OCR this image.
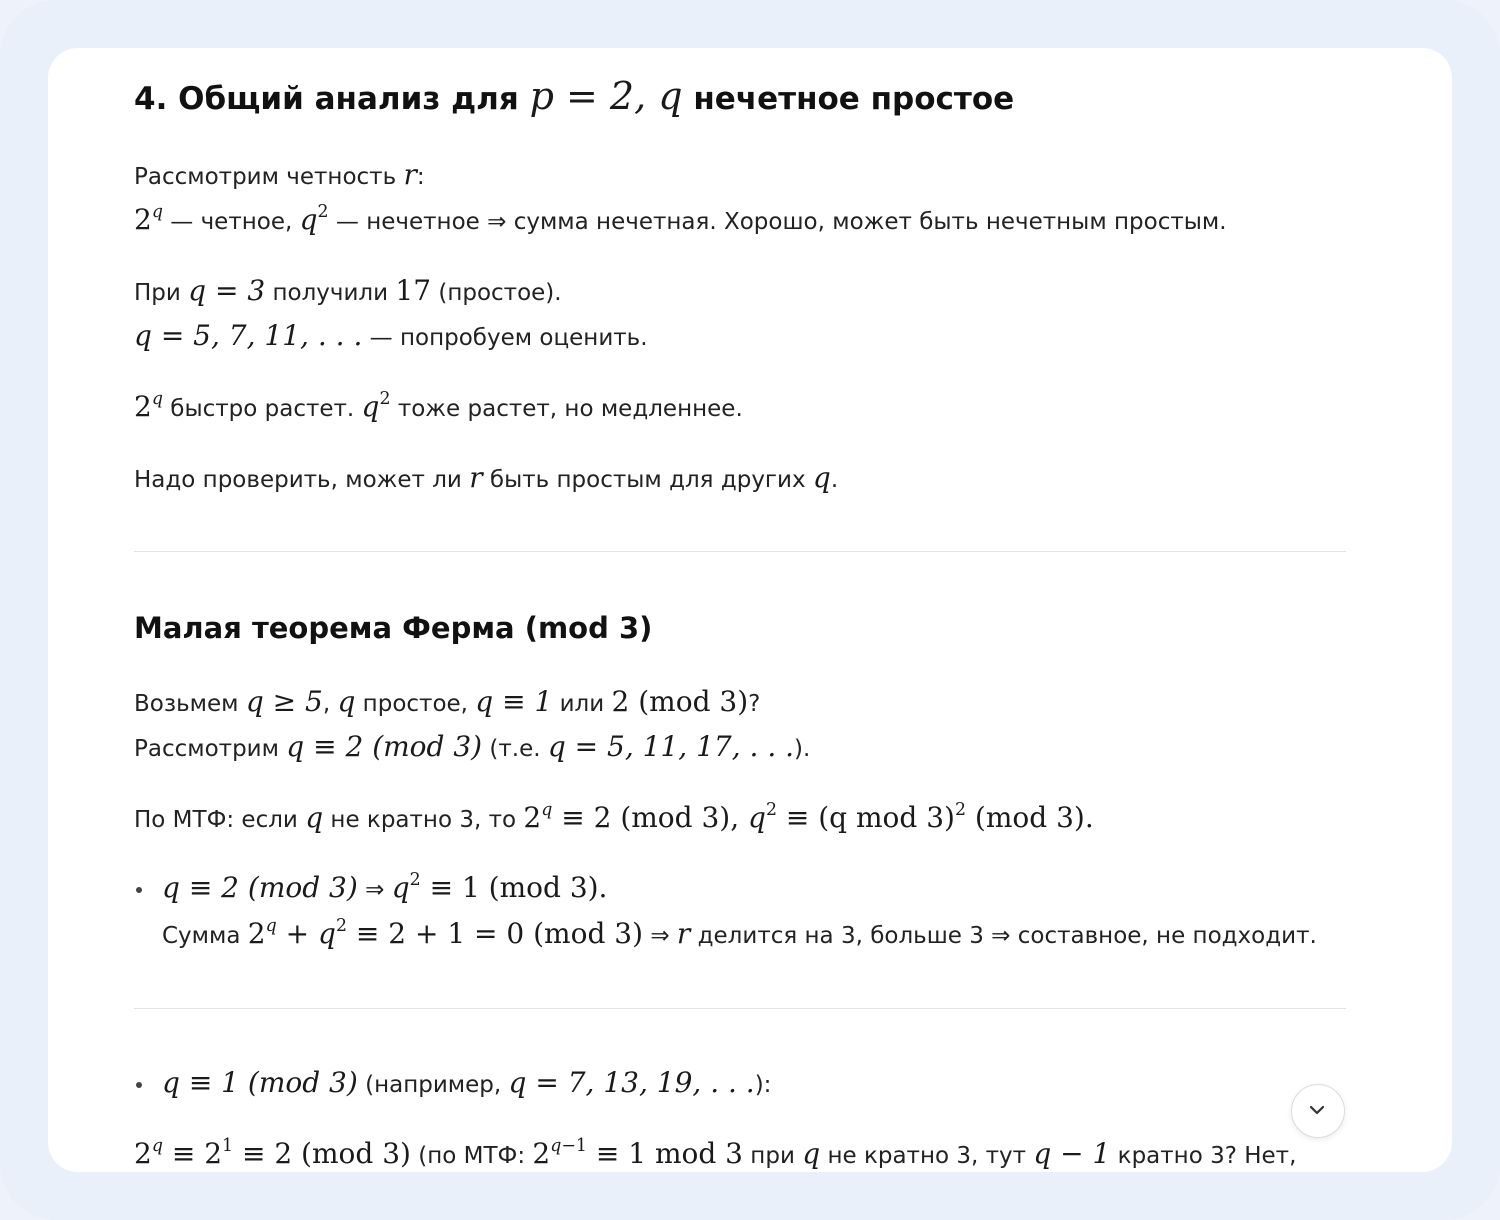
4. Общий анализ для p = 2, q нечетное простое
Рассмотрим четность r:
2$^q$ — четное, $q^2$ — нечетное ⇒ сумма нечетная. Хорошо, может быть нечетным простым.
При q = 3 получили 17 (простое).
q = 5, 7, 11, . . . — попробуем оценить.
2$^q$ быстро растет. $q^2$ тоже растет, но медленнее.
Надо проверить, может ли r быть простым для других q.
Малая теорема Ферма (mod 3)
Возьмем q ≥ 5, q простое, q ≡ 1 или 2 (mod 3)?
Рассмотрим q ≡ 2 (mod 3) (т.е. q = 5, 11, 17, . . .).
По МТФ: если q не кратно 3, то $2^q \equiv 2$ (mod 3), $q^2 \equiv (q$ mod 3)$^2$ (mod 3).
q ≡ 2 (mod 3) ⇒ $q^2 \equiv 1$ (mod 3).
Сумма $2^q + q^2 \equiv 2 + 1 = 0$ (mod 3) ⇒ r делится на 3, больше 3 ⇒ составное, не подходит.
q ≡ 1 (mod 3) (например, q = 7, 13, 19, . . .):
$2^q \equiv 2^1 \equiv 2$ (mod 3) (по МТФ: $2^{q-1} \equiv 1$ mod 3 при q не кратно 3, тут q − 1 кратно 3? Нет,
